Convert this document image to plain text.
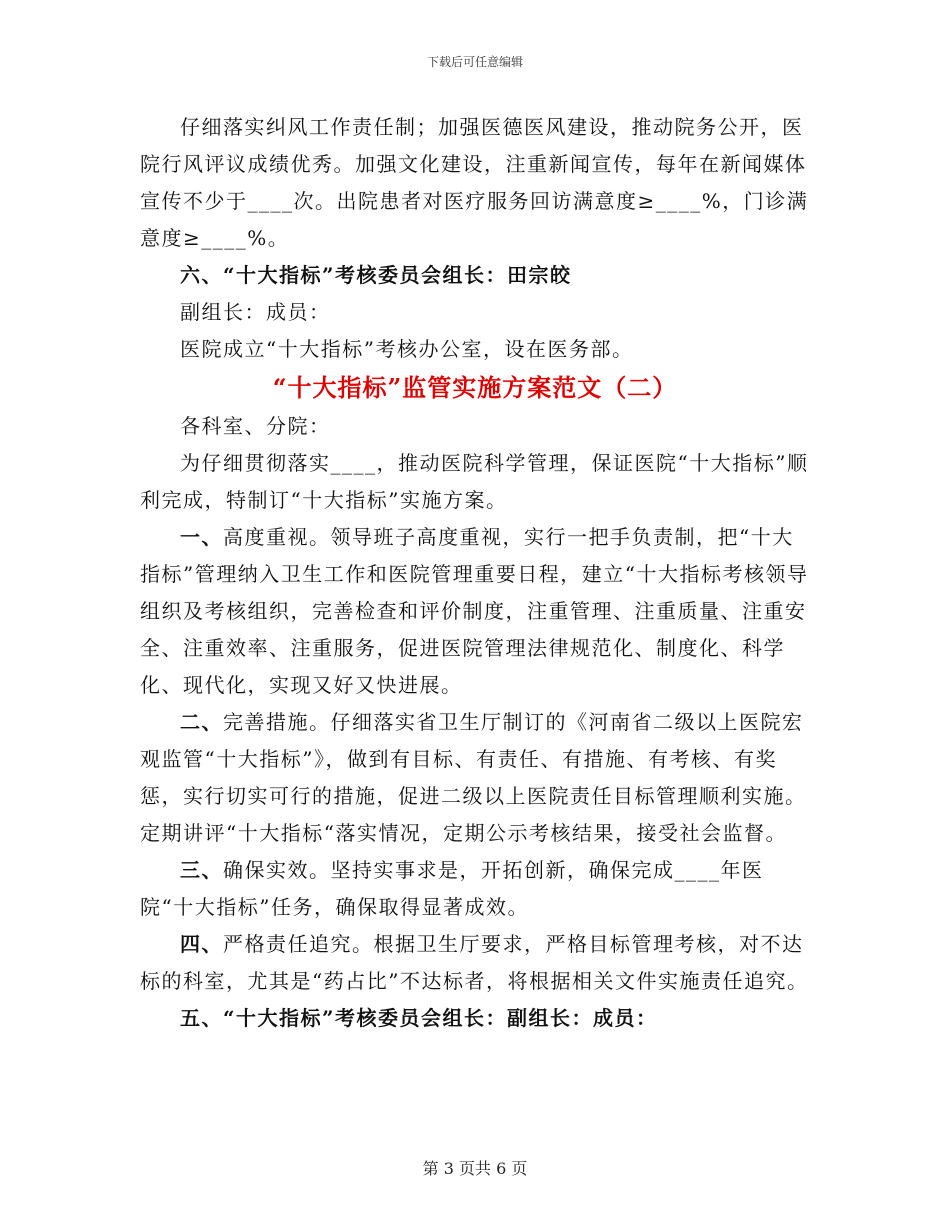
下载后可任意编辑

仔细落实纠风工作责任制；加强医德医风建设，推动院务公开，医院行风评议成绩优秀。加强文化建设，注重新闻宣传，每年在新闻媒体宣传不少于____次。出院患者对医疗服务回访满意度≥____%，门诊满意度≥____%。

六、“十大指标”考核委员会组长：田宗皎

副组长：成员：

医院成立“十大指标”考核办公室，设在医务部。

“十大指标”监管实施方案范文（二）

各科室、分院：

为仔细贯彻落实____，推动医院科学管理，保证医院“十大指标”顺利完成，特制订“十大指标”实施方案。

一、高度重视。领导班子高度重视，实行一把手负责制，把“十大指标”管理纳入卫生工作和医院管理重要日程，建立“十大指标考核领导组织及考核组织，完善检查和评价制度，注重管理、注重质量、注重安全、注重效率、注重服务，促进医院管理法律规范化、制度化、科学化、现代化，实现又好又快进展。

二、完善措施。仔细落实省卫生厅制订的《河南省二级以上医院宏观监管“十大指标”》，做到有目标、有责任、有措施、有考核、有奖惩，实行切实可行的措施，促进二级以上医院责任目标管理顺利实施。定期讲评“十大指标“落实情况，定期公示考核结果，接受社会监督。

三、确保实效。坚持实事求是，开拓创新，确保完成____年医院“十大指标”任务，确保取得显著成效。

四、严格责任追究。根据卫生厅要求，严格目标管理考核，对不达标的科室，尤其是“药占比”不达标者，将根据相关文件实施责任追究。

五、“十大指标”考核委员会组长：副组长：成员：

第 3 页共 6 页
